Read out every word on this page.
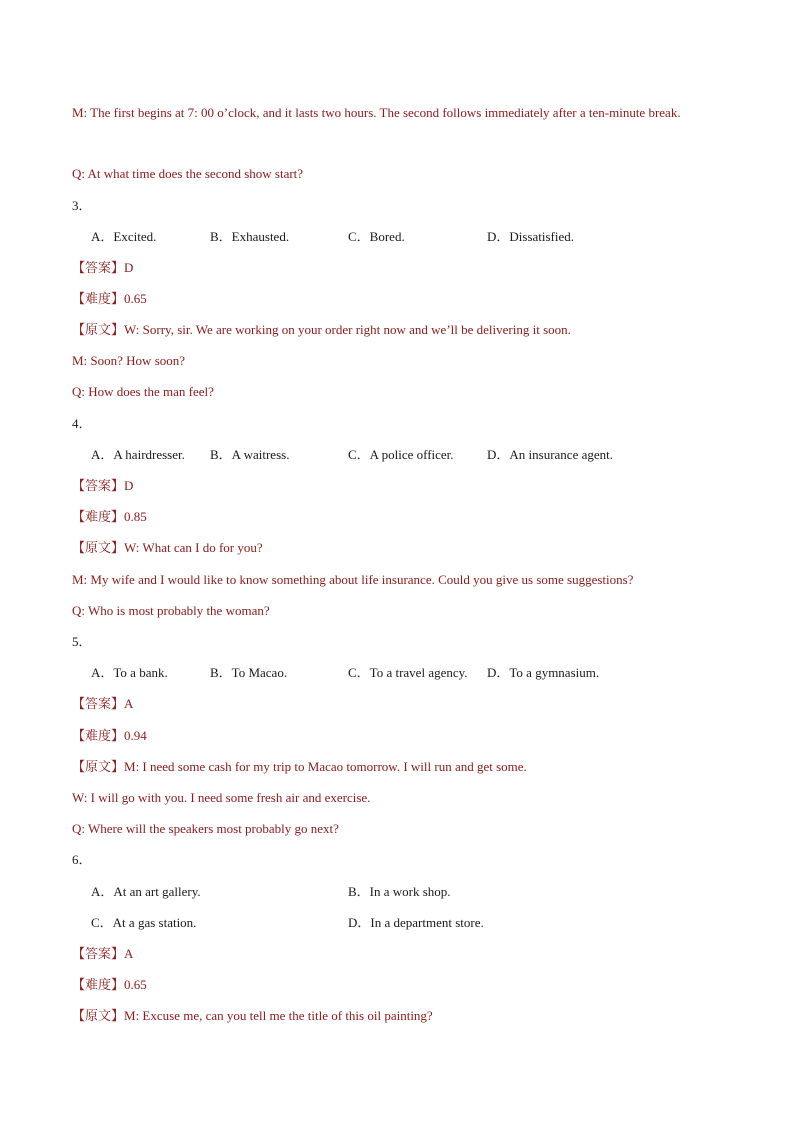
M: The first begins at 7: 00 o’clock, and it lasts two hours. The second follows immediately after a ten-minute break.
Q: At what time does the second show start?
3．
A．Excited.	B．Exhausted.	C．Bored.	D．Dissatisfied.
【答案】D
【难度】0.65
【原文】W: Sorry, sir. We are working on your order right now and we’ll be delivering it soon.
M: Soon? How soon?
Q: How does the man feel?
4．
A．A hairdresser. B．A waitress.	C．A police officer.	D．An insurance agent.
【答案】D
【难度】0.85
【原文】W: What can I do for you?
M: My wife and I would like to know something about life insurance. Could you give us some suggestions?
Q: Who is most probably the woman?
5．
A．To a bank.	B．To Macao.	C．To a travel agency. D．To a gymnasium.
【答案】A
【难度】0.94
【原文】M: I need some cash for my trip to Macao tomorrow. I will run and get some.
W: I will go with you. I need some fresh air and exercise.
Q: Where will the speakers most probably go next?
6．
A．At an art gallery.	B．In a work shop.
C．At a gas station.	D．In a department store.
【答案】A
【难度】0.65
【原文】M: Excuse me, can you tell me the title of this oil painting?
